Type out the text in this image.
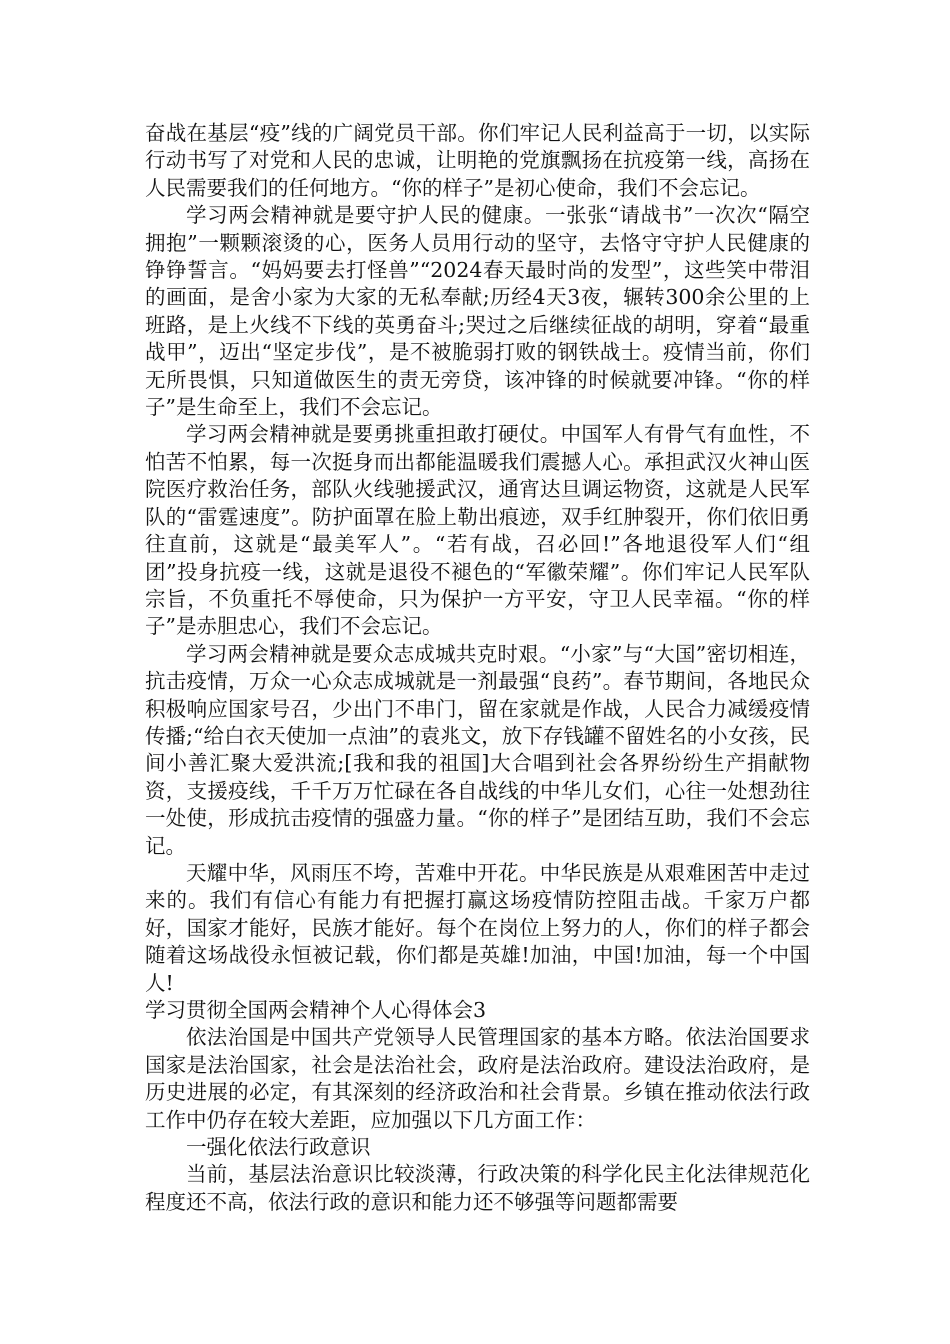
奋战在基层“疫”线的广阔党员干部。你们牢记人民利益高于一切，以实际行动书写了对党和人民的忠诚，让明艳的党旗飘扬在抗疫第一线，高扬在人民需要我们的任何地方。“你的样子”是初心使命，我们不会忘记。

学习两会精神就是要守护人民的健康。一张张“请战书”一次次“隔空拥抱”一颗颗滚烫的心，医务人员用行动的坚守，去恪守守护人民健康的铮铮誓言。“妈妈要去打怪兽”“2024春天最时尚的发型”，这些笑中带泪的画面，是舍小家为大家的无私奉献;历经4天3夜，辗转300余公里的上班路，是上火线不下线的英勇奋斗;哭过之后继续征战的胡明，穿着“最重战甲”，迈出“坚定步伐”，是不被脆弱打败的钢铁战士。疫情当前，你们无所畏惧，只知道做医生的责无旁贷，该冲锋的时候就要冲锋。“你的样子”是生命至上，我们不会忘记。

学习两会精神就是要勇挑重担敢打硬仗。中国军人有骨气有血性，不怕苦不怕累，每一次挺身而出都能温暖我们震撼人心。承担武汉火神山医院医疗救治任务，部队火线驰援武汉，通宵达旦调运物资，这就是人民军队的“雷霆速度”。防护面罩在脸上勒出痕迹，双手红肿裂开，你们依旧勇往直前，这就是“最美军人”。“若有战，召必回!”各地退役军人们“组团”投身抗疫一线，这就是退役不褪色的“军徽荣耀”。你们牢记人民军队宗旨，不负重托不辱使命，只为保护一方平安，守卫人民幸福。“你的样子”是赤胆忠心，我们不会忘记。

学习两会精神就是要众志成城共克时艰。“小家”与“大国”密切相连，抗击疫情，万众一心众志成城就是一剂最强“良药”。春节期间，各地民众积极响应国家号召，少出门不串门，留在家就是作战，人民合力减缓疫情传播;“给白衣天使加一点油”的袁兆文，放下存钱罐不留姓名的小女孩，民间小善汇聚大爱洪流;[我和我的祖国]大合唱到社会各界纷纷生产捐献物资，支援疫线，千千万万忙碌在各自战线的中华儿女们，心往一处想劲往一处使，形成抗击疫情的强盛力量。“你的样子”是团结互助，我们不会忘记。

天耀中华，风雨压不垮，苦难中开花。中华民族是从艰难困苦中走过来的。我们有信心有能力有把握打赢这场疫情防控阻击战。千家万户都好，国家才能好，民族才能好。每个在岗位上努力的人，你们的样子都会随着这场战役永恒被记载，你们都是英雄!加油，中国!加油，每一个中国人!

学习贯彻全国两会精神个人心得体会3

依法治国是中国共产党领导人民管理国家的基本方略。依法治国要求国家是法治国家，社会是法治社会，政府是法治政府。建设法治政府，是历史进展的必定，有其深刻的经济政治和社会背景。乡镇在推动依法行政工作中仍存在较大差距，应加强以下几方面工作：

一强化依法行政意识

当前，基层法治意识比较淡薄，行政决策的科学化民主化法律规范化程度还不高，依法行政的意识和能力还不够强等问题都需要
